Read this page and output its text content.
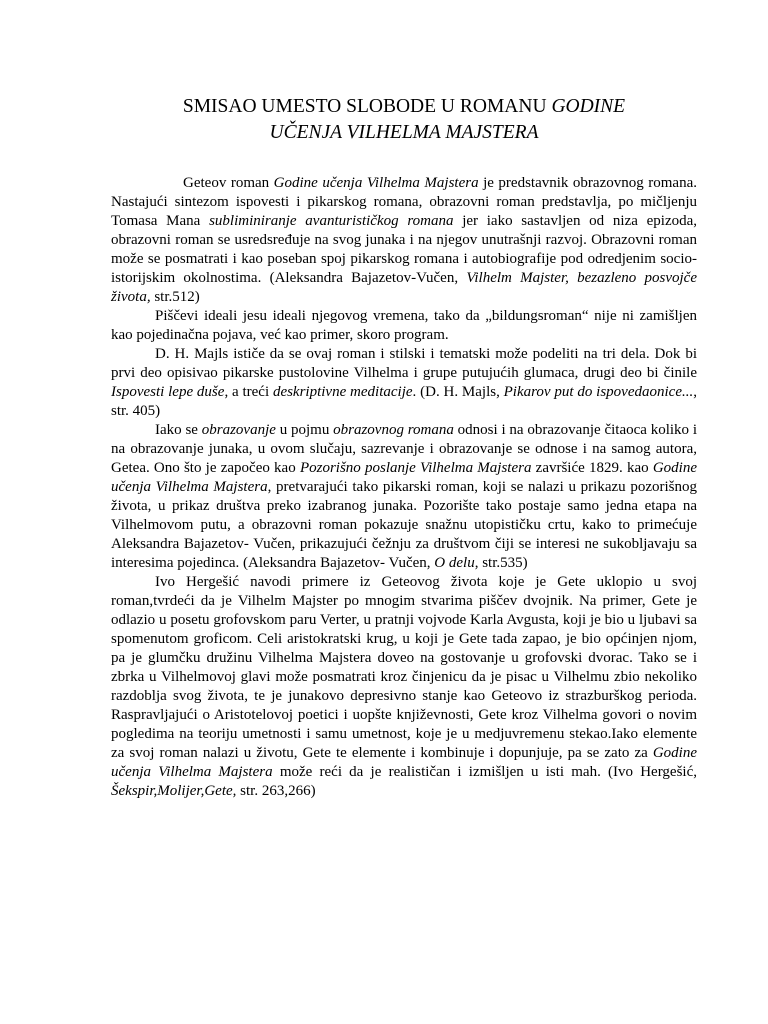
SMISAO UMESTO SLOBODE U ROMANU GODINE
UČENJA VILHELMA MAJSTERA

Geteov roman Godine učenja Vilhelma Majstera je predstavnik obrazovnog romana. Nastajući sintezom ispovesti i pikarskog romana, obrazovni roman predstavlja, po mičljenju Tomasa Mana subliminiranje avanturističkog romana jer iako sastavljen od niza epizoda, obrazovni roman se usredsređuje na svog junaka i na njegov unutrašnji razvoj. Obrazovni roman može se posmatrati i kao poseban spoj pikarskog romana i autobiografije pod odredjenim socio-istorijskim okolnostima. (Aleksandra Bajazetov-Vučen, Vilhelm Majster, bezazleno posvojče života, str.512)

Piščevi ideali jesu ideali njegovog vremena, tako da „bildungsroman“ nije ni zamišljen kao pojedinačna pojava, već kao primer, skoro program.

D. H. Majls ističe da se ovaj roman i stilski i tematski može podeliti na tri dela. Dok bi prvi deo opisivao pikarske pustolovine Vilhelma i grupe putujućih glumaca, drugi deo bi činile Ispovesti lepe duše, a treći deskriptivne meditacije. (D. H. Majls, Pikarov put do ispovedaonice..., str. 405)

Iako se obrazovanje u pojmu obrazovnog romana odnosi i na obrazovanje čitaoca koliko i na obrazovanje junaka, u ovom slučaju, sazrevanje i obrazovanje se odnose i na samog autora, Getea. Ono što je započeo kao Pozorišno poslanje Vilhelma Majstera završiće 1829. kao Godine učenja Vilhelma Majstera, pretvarajući tako pikarski roman, koji se nalazi u prikazu pozorišnog života, u prikaz društva preko izabranog junaka. Pozorište tako postaje samo jedna etapa na Vilhelmovom putu, a obrazovni roman pokazuje snažnu utopističku crtu, kako to primećuje Aleksandra Bajazetov- Vučen, prikazujući čežnju za društvom čiji se interesi ne sukobljavaju sa interesima pojedinca. (Aleksandra Bajazetov- Vučen, O delu, str.535)

Ivo Hergešić navodi primere iz Geteovog života koje je Gete uklopio u svoj roman,tvrdeći da je Vilhelm Majster po mnogim stvarima piščev dvojnik. Na primer, Gete je odlazio u posetu grofovskom paru Verter, u pratnji vojvode Karla Avgusta, koji je bio u ljubavi sa spomenutom groficom. Celi aristokratski krug, u koji je Gete tada zapao, je bio općinjen njom, pa je glumčku družinu Vilhelma Majstera doveo na gostovanje u grofovski dvorac. Tako se i zbrka u Vilhelmovoj glavi može posmatrati kroz činjenicu da je pisac u Vilhelmu zbio nekoliko razdoblja svog života, te je junakovo depresivno stanje kao Geteovo iz strazburškog perioda. Raspravljajući o Aristotelovoj poetici i uopšte književnosti, Gete kroz Vilhelma govori o novim pogledima na teoriju umetnosti i samu umetnost, koje je u medjuvremenu stekao.Iako elemente za svoj roman nalazi u životu, Gete te elemente i kombinuje i dopunjuje, pa se zato za Godine učenja Vilhelma Majstera može reći da je realističan i izmišljen u isti mah. (Ivo Hergešić, Šekspir,Molijer,Gete, str. 263,266)
